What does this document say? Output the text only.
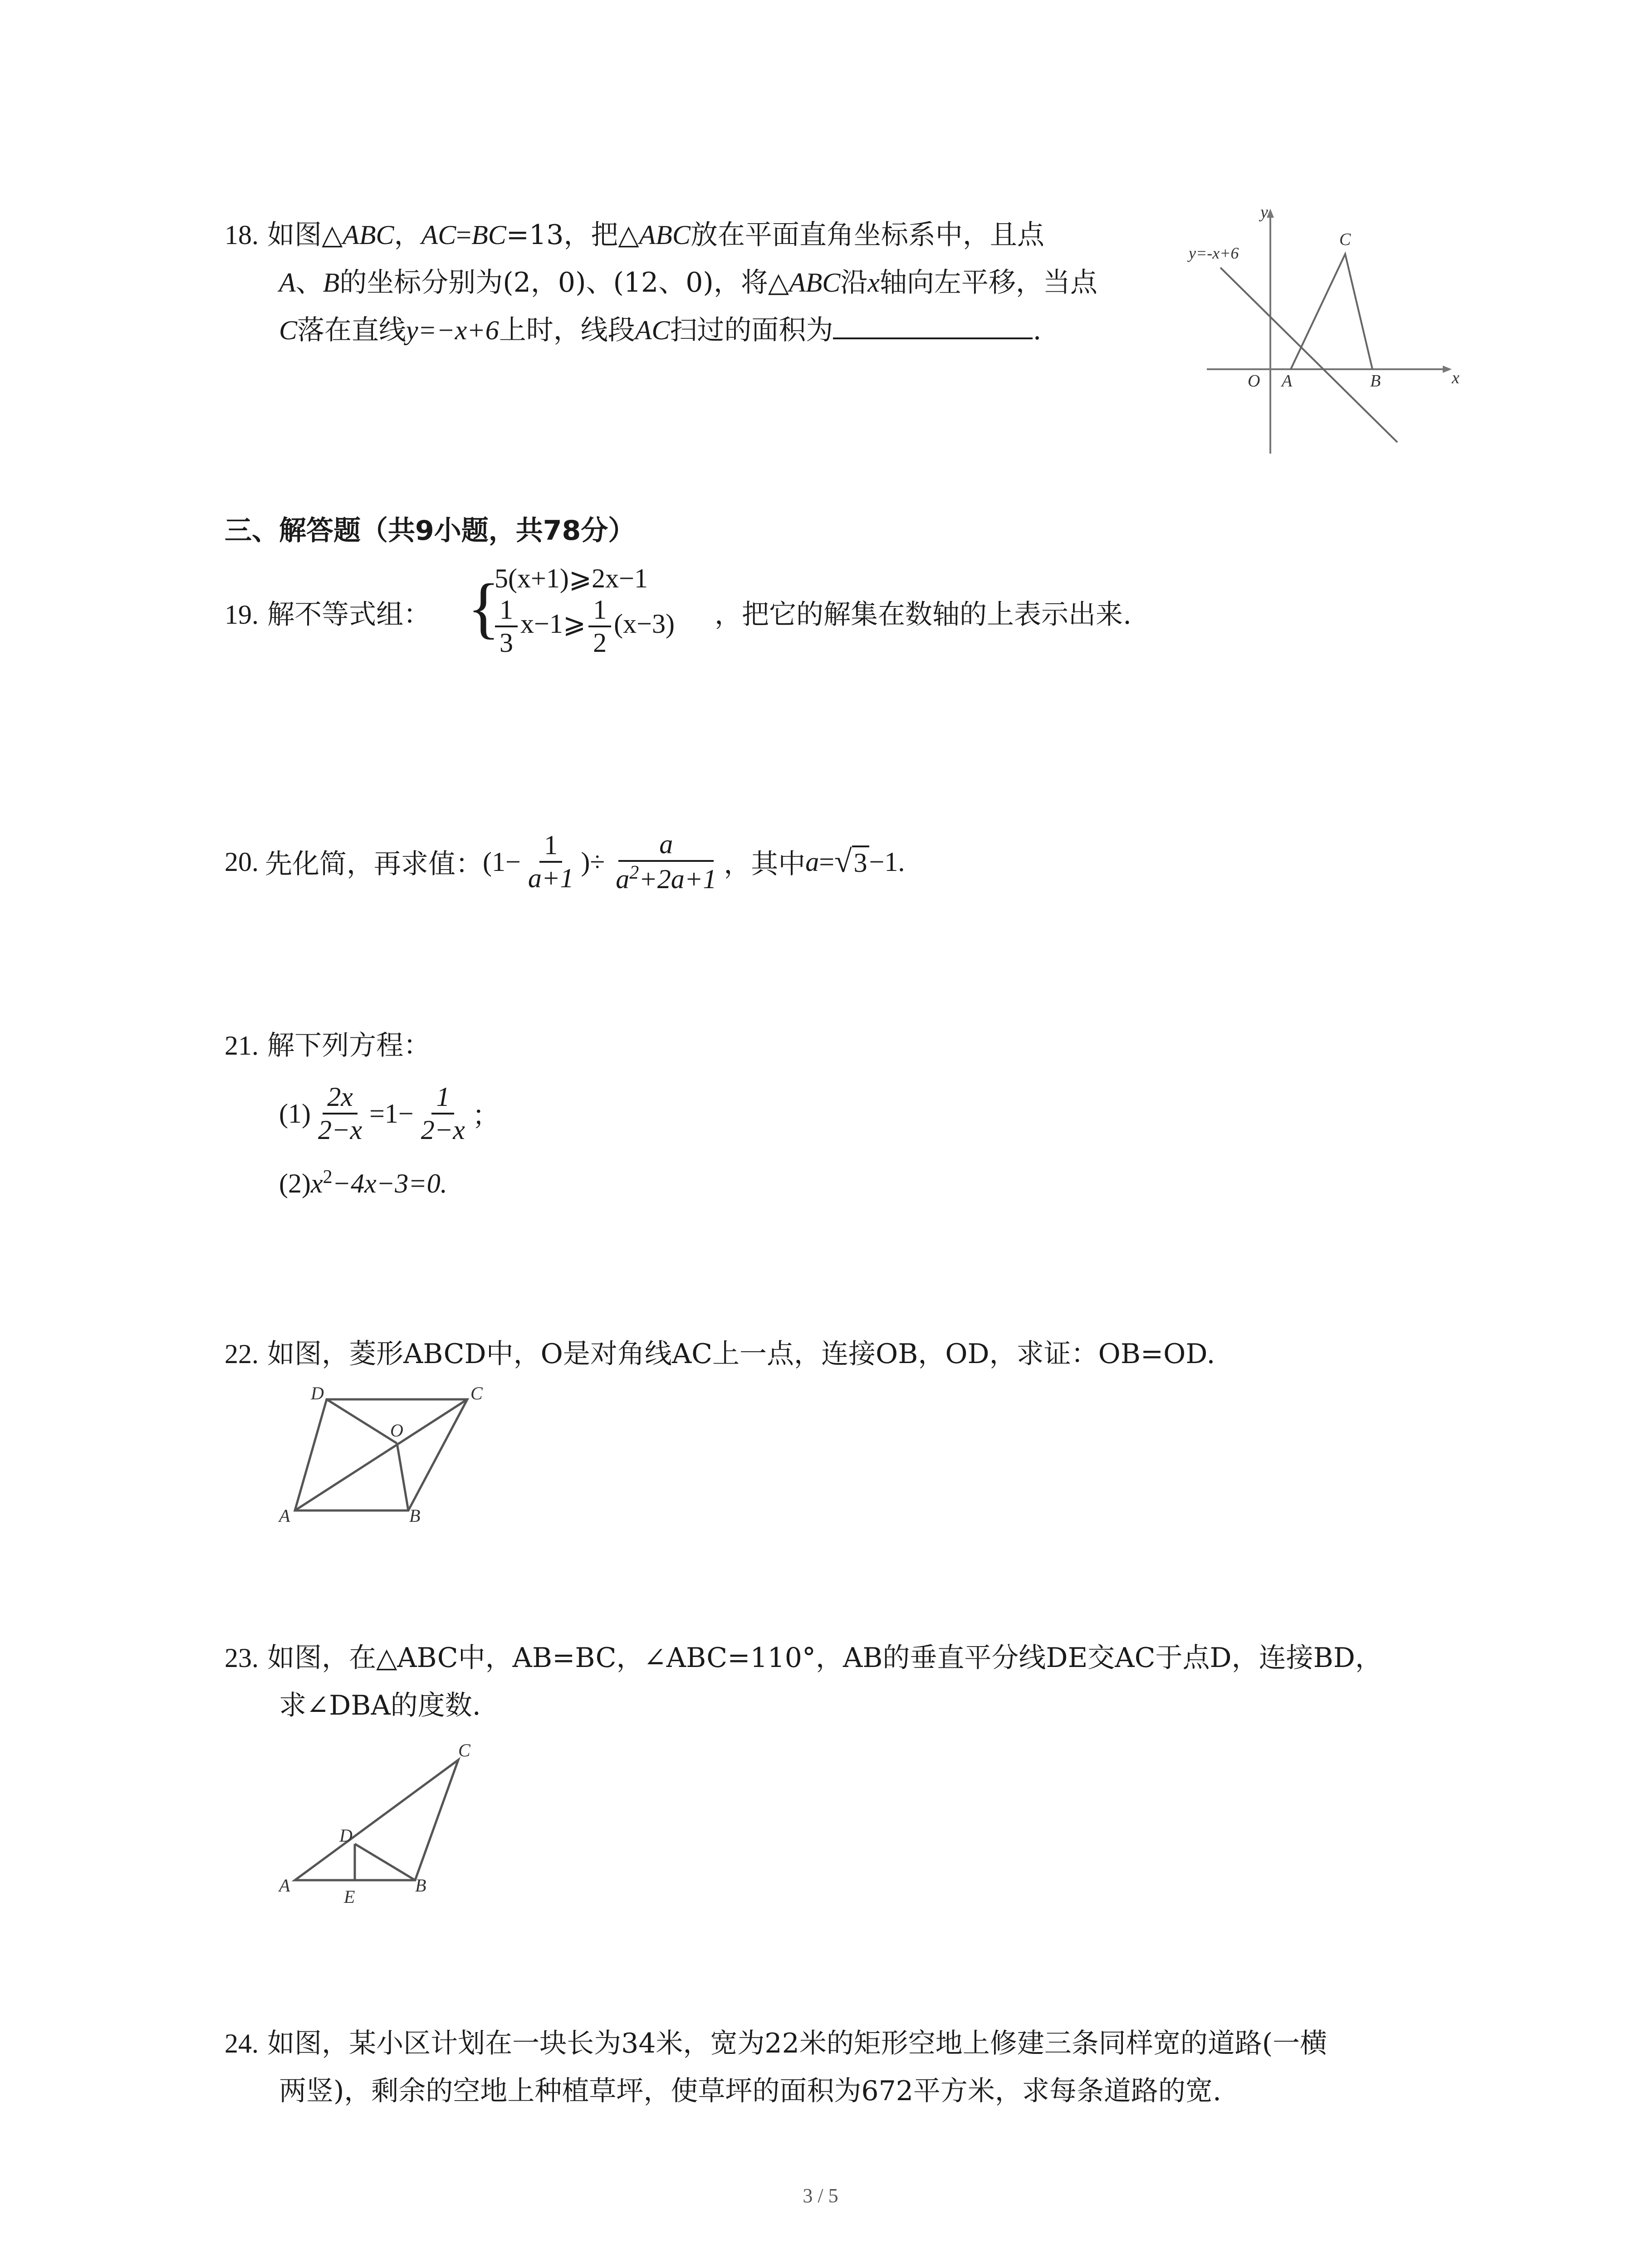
18. 如图△ABC，AC=BC=13，把△ABC放在平面直角坐标系中，且点
A、B的坐标分别为(2，0)、(12、0)，将△ABC沿x轴向左平移，当点
C落在直线y=−x+6上时，线段AC扫过的面积为	.
y=-x+6
y
x
O A	B
C
三、解答题（共9小题，共78分）
19. 解不等式组： {
5(x+1)⩾2x−1
$\frac{1}{3}$ x−1⩾ $\frac{1}{2} (x-3)$ ，把它的解集在数轴的上表示出来.
20. 先化简，再求值： ($1- \frac{1}{a+1}$ )÷ $\frac{a}{a^2+2a+1}$ ，其中 a = √ 3 −1.
21. 解下列方程：
$(1) \frac{2x}{2-x} =1- \frac{1}{2-x}$ ；
$(2)x^2-4x-3=0$.
22. 如图，菱形ABCD中，O是对角线AC上一点，连接OB，OD，求证：OB=OD.
A	B
C
D
O
23. 如图，在△ABC中，AB=BC，∠ABC=110°，AB的垂直平分线DE交AC于点D，连接BD，
求∠DBA的度数.
A	B
C
D
E
24. 如图，某小区计划在一块长为34米，宽为22米的矩形空地上修建三条同样宽的道路(一横
两竖)，剩余的空地上种植草坪，使草坪的面积为672平方米，求每条道路的宽.
3 / 5
